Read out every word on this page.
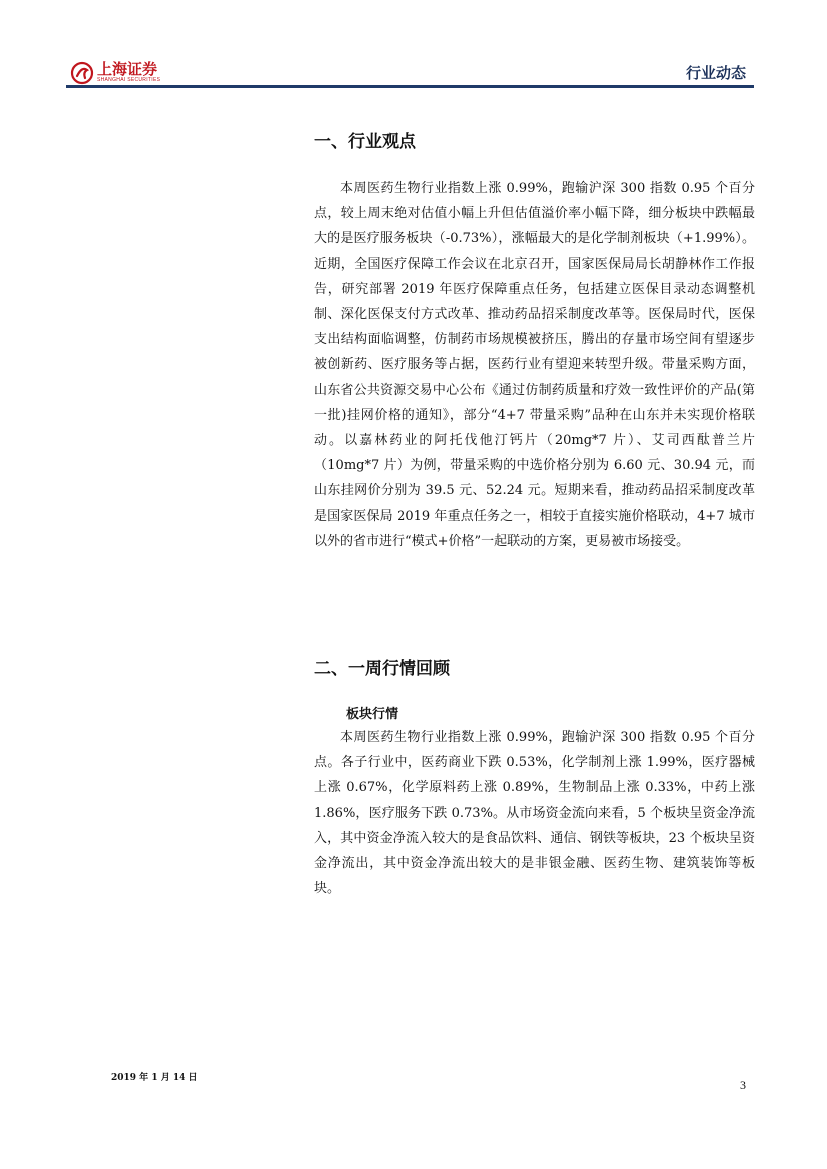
上海证券
SHANGHAI SECURITIES	行业动态
一、行业观点

本周医药生物行业指数上涨 0.99%，跑输沪深 300 指数 0.95 个百分点，较上周末绝对估值小幅上升但估值溢价率小幅下降，细分板块中跌幅最大的是医疗服务板块（-0.73%），涨幅最大的是化学制剂板块（+1.99%）。近期，全国医疗保障工作会议在北京召开，国家医保局局长胡静林作工作报告，研究部署 2019 年医疗保障重点任务，包括建立医保目录动态调整机制、深化医保支付方式改革、推动药品招采制度改革等。医保局时代，医保支出结构面临调整，仿制药市场规模被挤压，腾出的存量市场空间有望逐步被创新药、医疗服务等占据，医药行业有望迎来转型升级。带量采购方面，山东省公共资源交易中心公布《通过仿制药质量和疗效一致性评价的产品(第一批)挂网价格的通知》，部分“4+7 带量采购”品种在山东并未实现价格联动。以嘉林药业的阿托伐他汀钙片（20mg*7 片）、艾司西酞普兰片（10mg*7 片）为例，带量采购的中选价格分别为 6.60 元、30.94 元，而山东挂网价分别为 39.5 元、52.24 元。短期来看，推动药品招采制度改革是国家医保局 2019 年重点任务之一，相较于直接实施价格联动，4+7 城市以外的省市进行“模式+价格”一起联动的方案，更易被市场接受。

二、一周行情回顾
板块行情

本周医药生物行业指数上涨 0.99%，跑输沪深 300 指数 0.95 个百分点。各子行业中，医药商业下跌 0.53%，化学制剂上涨 1.99%，医疗器械上涨 0.67%，化学原料药上涨 0.89%，生物制品上涨 0.33%，中药上涨 1.86%，医疗服务下跌 0.73%。从市场资金流向来看，5 个板块呈资金净流入，其中资金净流入较大的是食品饮料、通信、钢铁等板块，23 个板块呈资金净流出，其中资金净流出较大的是非银金融、医药生物、建筑装饰等板块。

2019 年 1 月 14 日	3
